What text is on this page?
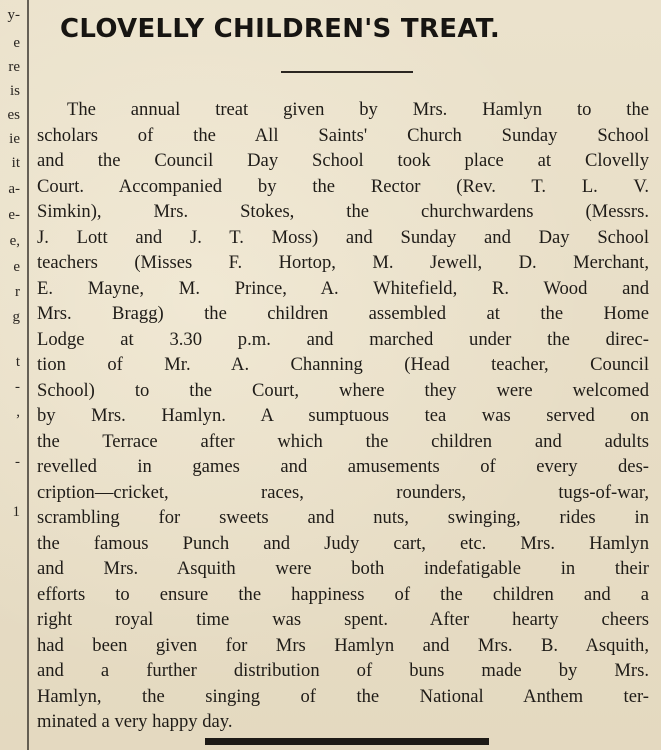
y-
e
re
is
es
ie
it
a-
e-
e,
e
r
g
t
-
,
-
1
CLOVELLY CHILDREN'S TREAT.
The annual treat given by Mrs. Hamlyn to the
scholars of the All Saints' Church Sunday School
and the Council Day School took place at Clovelly
Court. Accompanied by the Rector (Rev. T. L. V.
Simkin), Mrs. Stokes, the churchwardens (Messrs.
J. Lott and J. T. Moss) and Sunday and Day School
teachers (Misses F. Hortop, M. Jewell, D. Merchant,
E. Mayne, M. Prince, A. Whitefield, R. Wood and
Mrs. Bragg) the children assembled at the Home
Lodge at 3.30 p.m. and marched under the direc-
tion of Mr. A. Channing (Head teacher, Council
School) to the Court, where they were welcomed
by Mrs. Hamlyn. A sumptuous tea was served on
the Terrace after which the children and adults
revelled in games and amusements of every des-
cription—cricket, races, rounders, tugs-of-war,
scrambling for sweets and nuts, swinging, rides in
the famous Punch and Judy cart, etc. Mrs. Hamlyn
and Mrs. Asquith were both indefatigable in their
efforts to ensure the happiness of the children and a
right royal time was spent. After hearty cheers
had been given for Mrs Hamlyn and Mrs. B. Asquith,
and a further distribution of buns made by Mrs.
Hamlyn, the singing of the National Anthem ter-
minated a very happy day.
